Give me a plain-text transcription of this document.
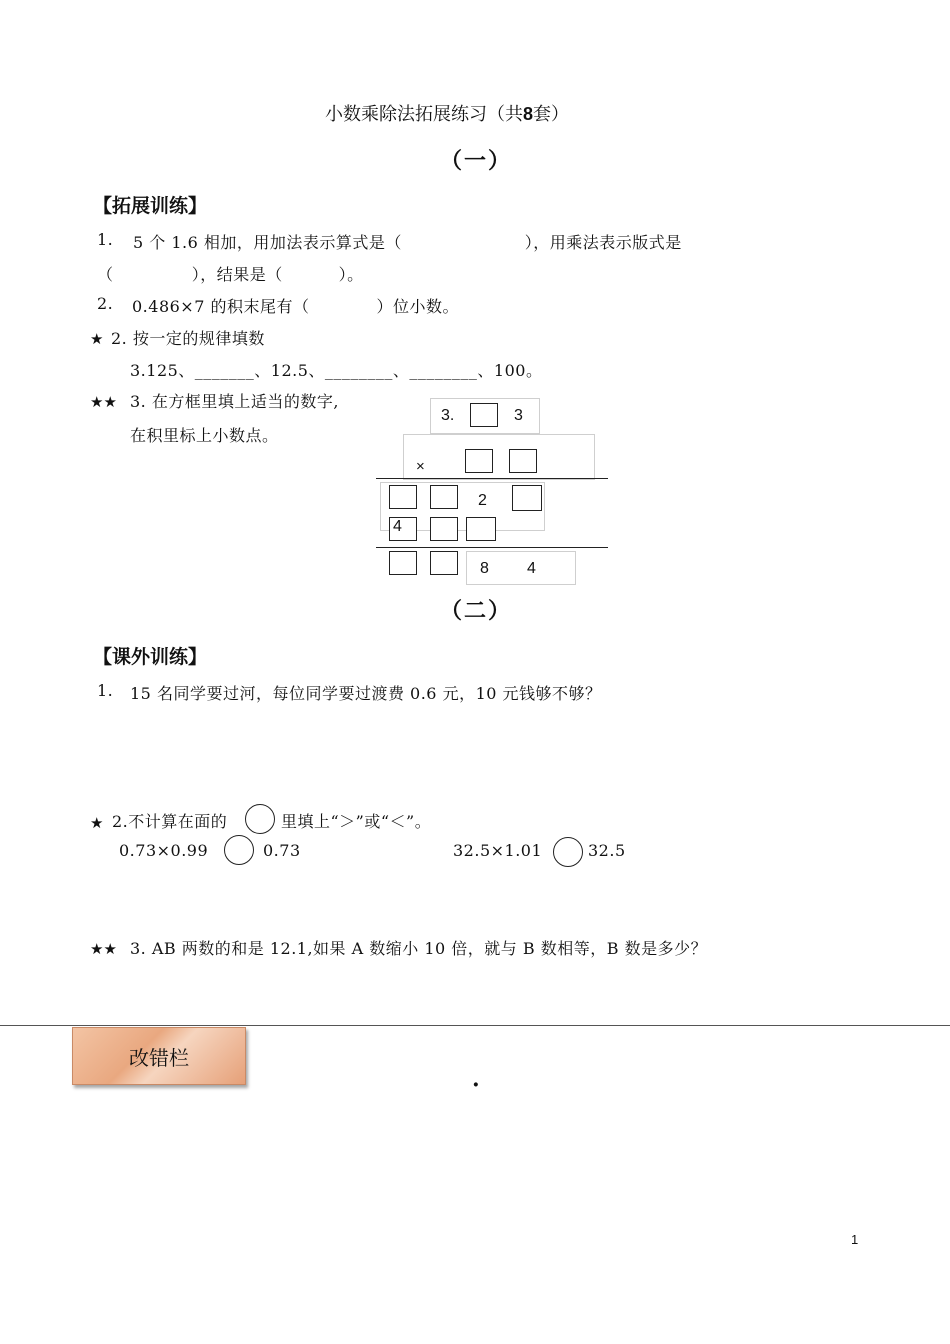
小数乘除法拓展练习（共8套）
（一）
【拓展训练】
1. 5 个 1.6 相加，用加法表示算式是（                      ），用乘法表示版式是
（              ），结果是（          ）。
2. 0.486×7 的积末尾有（            ）位小数。
★ 2. 按一定的规律填数
3.125、_______、12.5、________、________、100。
★★ 3. 在方框里填上适当的数字,
在积里标上小数点。
3.	3
×
2
4
8 4
（二）
【课外训练】
1. 15 名同学要过河，每位同学要过渡费 0.6 元，10 元钱够不够？
★ 2.不计算在面的	里填上“＞”或“＜”。
0.73×0.99	0.73	32.5×1.01	32.5
★★ 3. AB 两数的和是 12.1,如果 A 数缩小 10 倍，就与 B 数相等，B 数是多少？
改错栏
·
1
